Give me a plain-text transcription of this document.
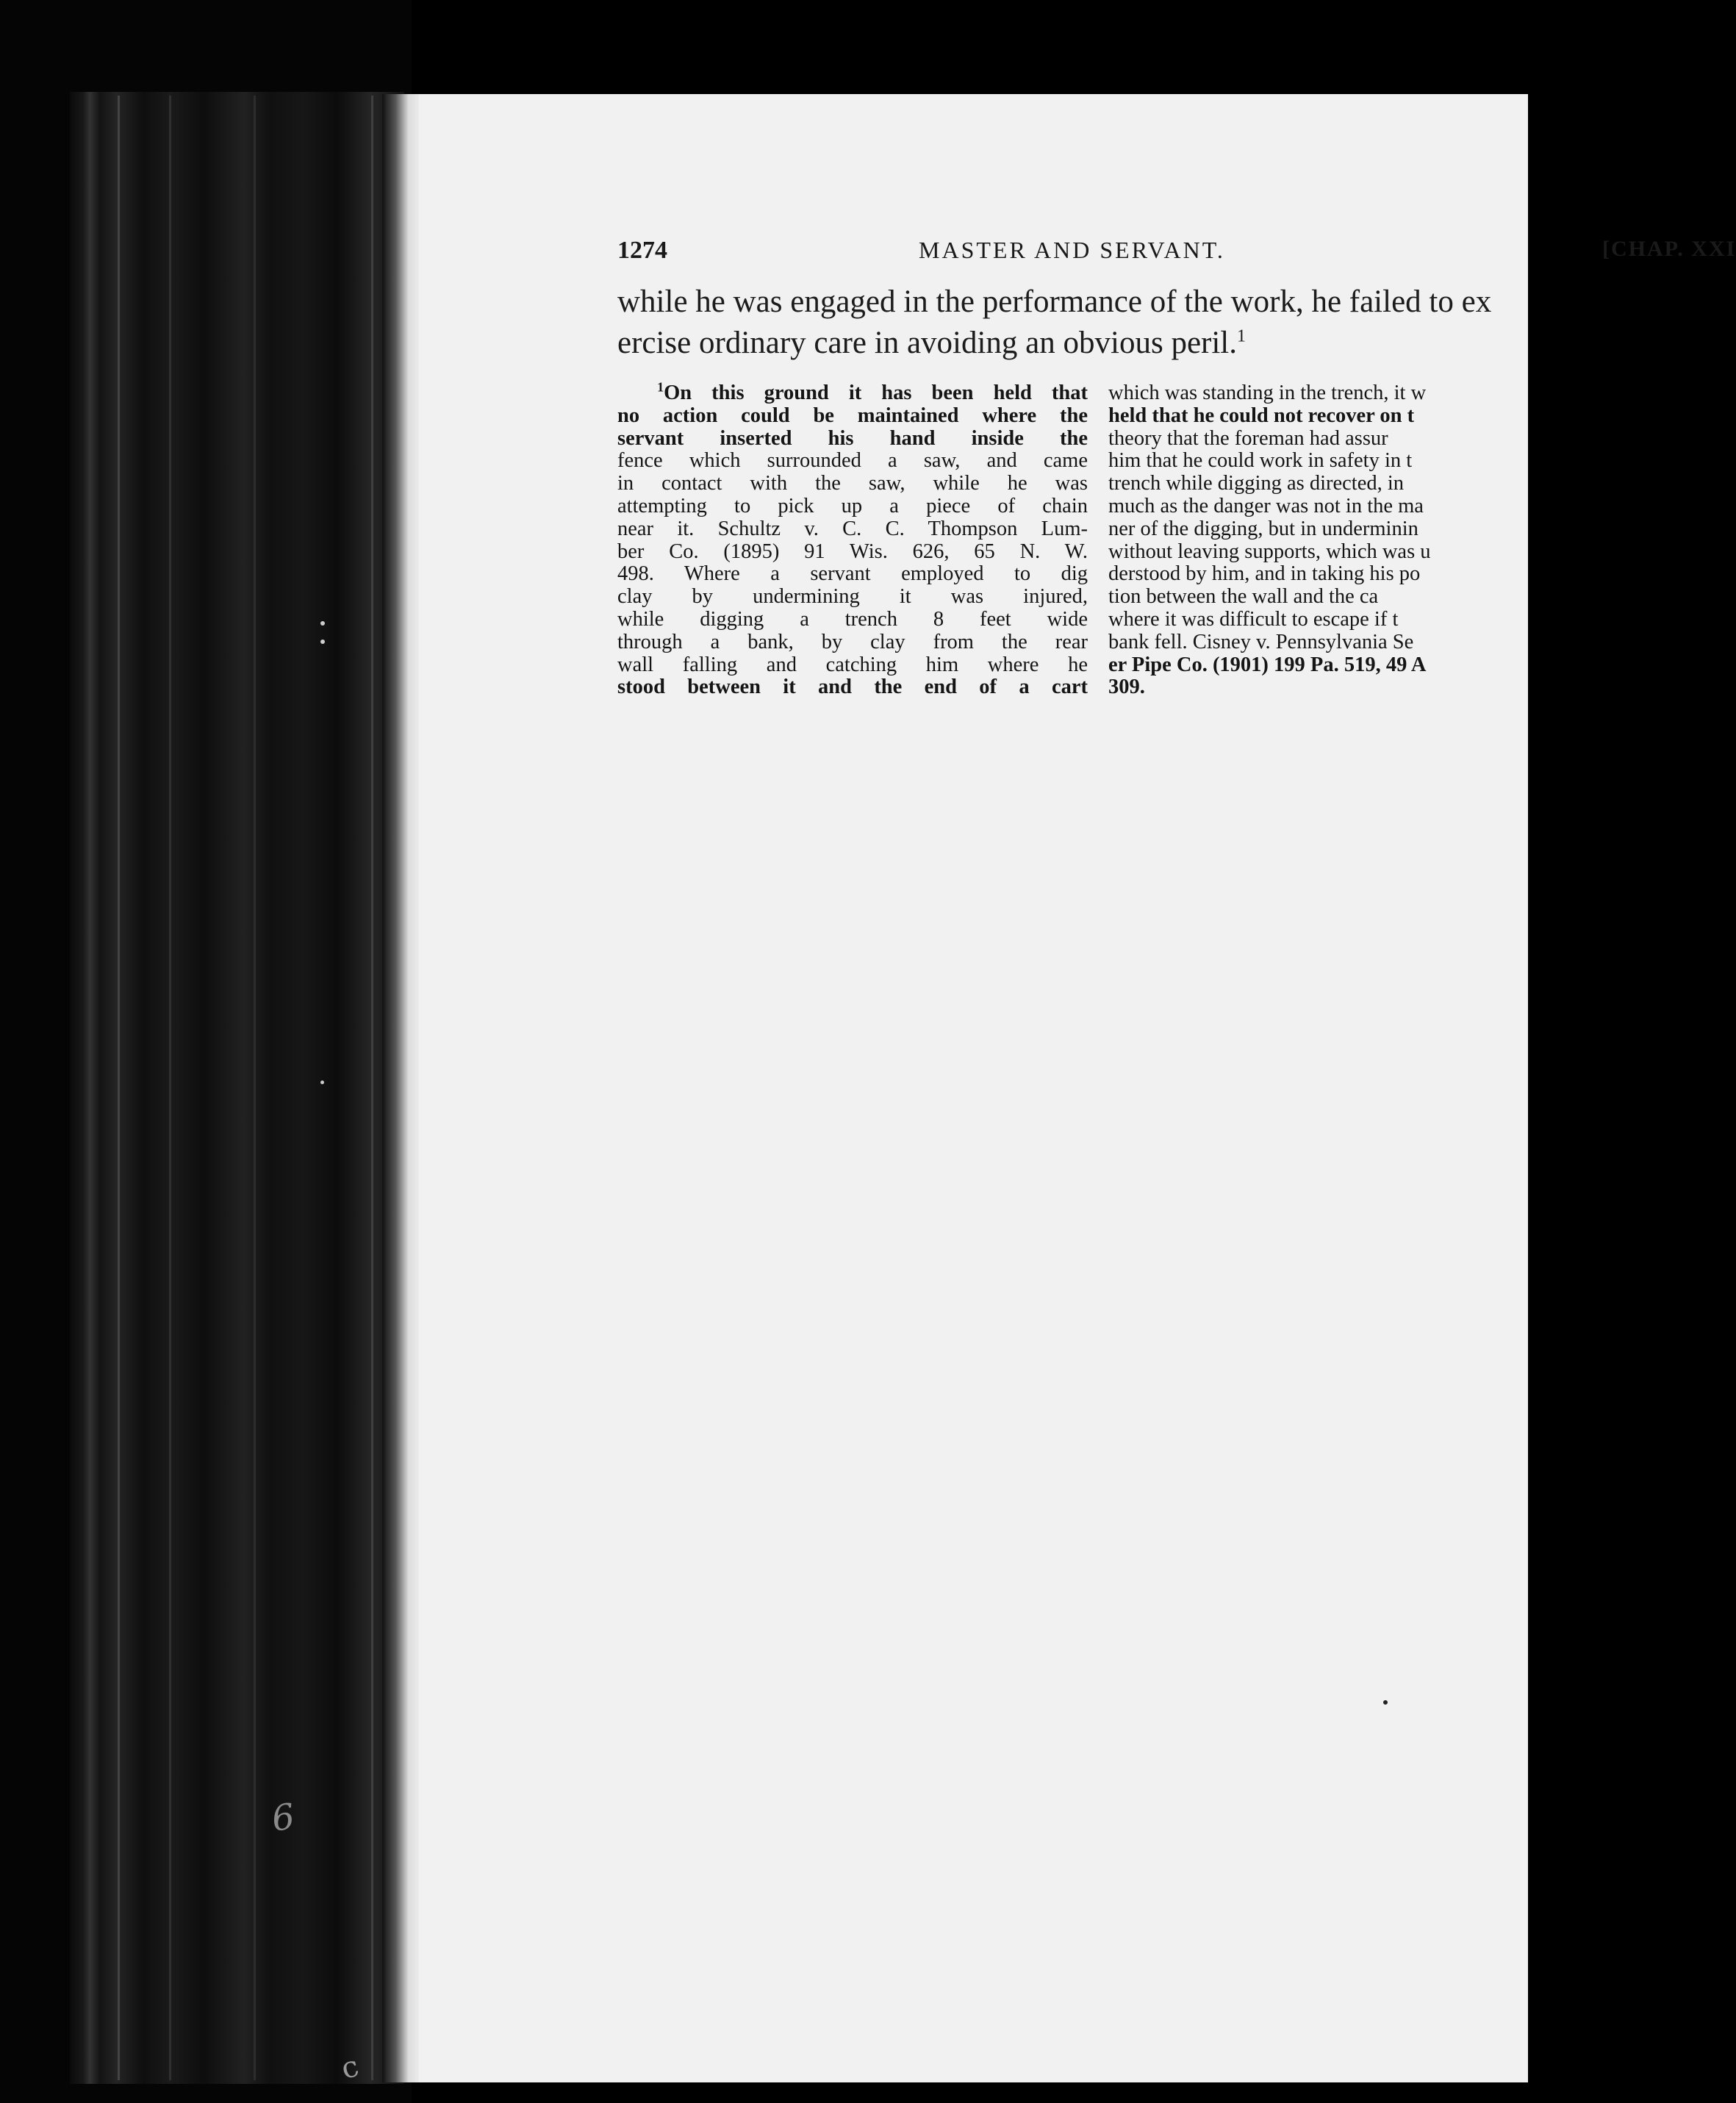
6
c
1274	MASTER AND SERVANT.	[CHAP. XXI
while he was engaged in the performance of the work, he failed to ex
ercise ordinary care in avoiding an obvious peril.$^1$
$^1$On this ground it has been held that
no action could be maintained where the
servant inserted his hand inside the
fence which surrounded a saw, and came
in contact with the saw, while he was
attempting to pick up a piece of chain
near it. Schultz v. C. C. Thompson Lum-
ber Co. (1895) 91 Wis. 626, 65 N. W.
498. Where a servant employed to dig
clay by undermining it was injured,
while digging a trench 8 feet wide
through a bank, by clay from the rear
wall falling and catching him where he
stood between it and the end of a cart
which was standing in the trench, it w
held that he could not recover on t
theory that the foreman had assur
him that he could work in safety in t
trench while digging as directed, in
much as the danger was not in the ma
ner of the digging, but in underminin
without leaving supports, which was u
derstood by him, and in taking his po
tion between the wall and the ca
where it was difficult to escape if t
bank fell. Cisney v. Pennsylvania Se
er Pipe Co. (1901) 199 Pa. 519, 49 A
309.
